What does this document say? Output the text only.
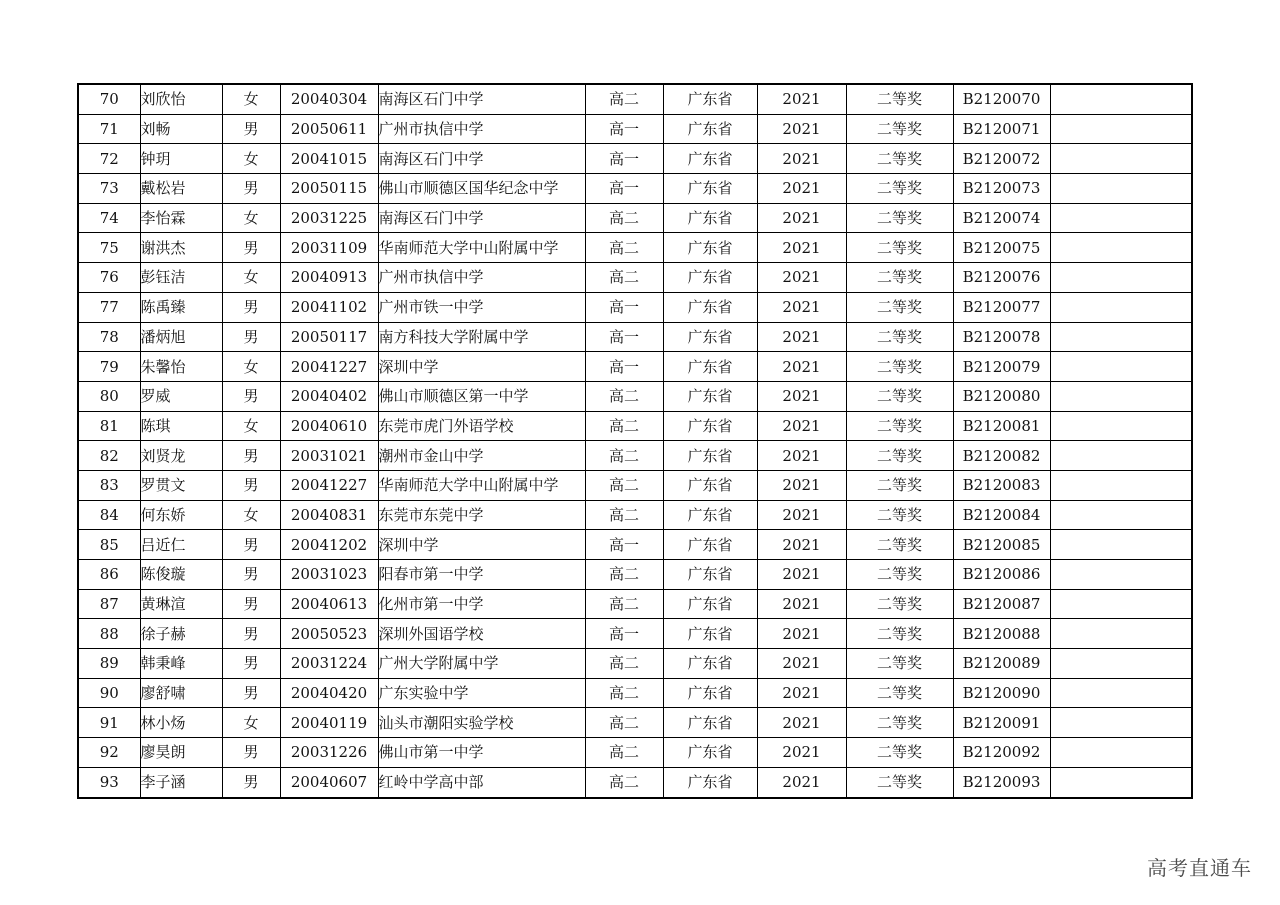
70	刘欣怡	女	20040304	南海区石门中学	高二	广东省	2021	二等奖	B2120070	
71	刘畅	男	20050611	广州市执信中学	高一	广东省	2021	二等奖	B2120071	
72	钟玥	女	20041015	南海区石门中学	高一	广东省	2021	二等奖	B2120072	
73	戴松岩	男	20050115	佛山市顺德区国华纪念中学	高一	广东省	2021	二等奖	B2120073	
74	李怡霖	女	20031225	南海区石门中学	高二	广东省	2021	二等奖	B2120074	
75	谢洪杰	男	20031109	华南师范大学中山附属中学	高二	广东省	2021	二等奖	B2120075	
76	彭钰洁	女	20040913	广州市执信中学	高二	广东省	2021	二等奖	B2120076	
77	陈禹臻	男	20041102	广州市铁一中学	高一	广东省	2021	二等奖	B2120077	
78	潘炳旭	男	20050117	南方科技大学附属中学	高一	广东省	2021	二等奖	B2120078	
79	朱馨怡	女	20041227	深圳中学	高一	广东省	2021	二等奖	B2120079	
80	罗威	男	20040402	佛山市顺德区第一中学	高二	广东省	2021	二等奖	B2120080	
81	陈琪	女	20040610	东莞市虎门外语学校	高二	广东省	2021	二等奖	B2120081	
82	刘贤龙	男	20031021	潮州市金山中学	高二	广东省	2021	二等奖	B2120082	
83	罗贯文	男	20041227	华南师范大学中山附属中学	高二	广东省	2021	二等奖	B2120083	
84	何东娇	女	20040831	东莞市东莞中学	高二	广东省	2021	二等奖	B2120084	
85	吕近仁	男	20041202	深圳中学	高一	广东省	2021	二等奖	B2120085	
86	陈俊璇	男	20031023	阳春市第一中学	高二	广东省	2021	二等奖	B2120086	
87	黄琳渲	男	20040613	化州市第一中学	高二	广东省	2021	二等奖	B2120087	
88	徐子赫	男	20050523	深圳外国语学校	高一	广东省	2021	二等奖	B2120088	
89	韩秉峰	男	20031224	广州大学附属中学	高二	广东省	2021	二等奖	B2120089	
90	廖舒啸	男	20040420	广东实验中学	高二	广东省	2021	二等奖	B2120090	
91	林小炀	女	20040119	汕头市潮阳实验学校	高二	广东省	2021	二等奖	B2120091	
92	廖昊朗	男	20031226	佛山市第一中学	高二	广东省	2021	二等奖	B2120092	
93	李子涵	男	20040607	红岭中学高中部	高二	广东省	2021	二等奖	B2120093	
高考直通车
